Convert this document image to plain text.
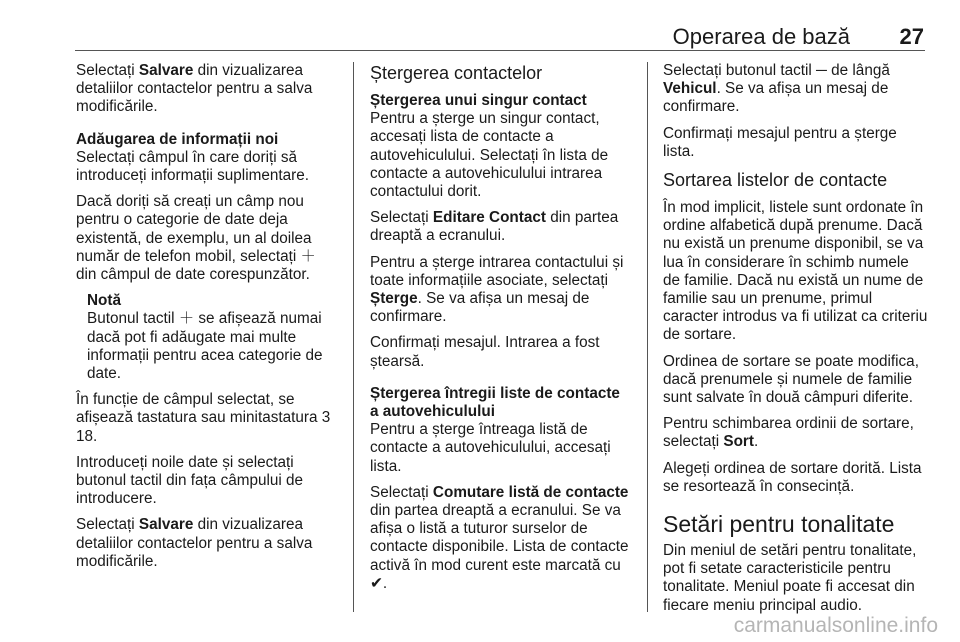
Operarea de bază 27

Selectați Salvare din vizualizarea detaliilor contactelor pentru a salva modificările.

Adăugarea de informații noi

Selectați câmpul în care doriți să introduceți informații suplimentare.

Dacă doriți să creați un câmp nou pentru o categorie de date deja existentă, de exemplu, un al doilea număr de telefon mobil, selectați ＋ din câmpul de date corespunzător.

Notă
Butonul tactil ＋ se afișează numai dacă pot fi adăugate mai multe informații pentru acea categorie de date.

În funcție de câmpul selectat, se afișează tastatura sau minitastatura 3 18.

Introduceți noile date și selectați butonul tactil din fața câmpului de introducere.

Selectați Salvare din vizualizarea detaliilor contactelor pentru a salva modificările.

Ștergerea contactelor

Ștergerea unui singur contact

Pentru a șterge un singur contact, accesați lista de contacte a autovehiculului. Selectați în lista de contacte a autovehiculului intrarea contactului dorit.

Selectați Editare Contact din partea dreaptă a ecranului.

Pentru a șterge intrarea contactului și toate informațiile asociate, selectați Șterge. Se va afișa un mesaj de confirmare.

Confirmați mesajul. Intrarea a fost ștearsă.

Ștergerea întregii liste de contacte a autovehiculului

Pentru a șterge întreaga listă de contacte a autovehiculului, accesați lista.

Selectați Comutare listă de contacte din partea dreaptă a ecranului. Se va afișa o listă a tuturor surselor de contacte disponibile. Lista de contacte activă în mod curent este marcată cu ✔.

Selectați butonul tactil ─ de lângă Vehicul. Se va afișa un mesaj de confirmare.

Confirmați mesajul pentru a șterge lista.

Sortarea listelor de contacte

În mod implicit, listele sunt ordonate în ordine alfabetică după prenume. Dacă nu există un prenume disponibil, se va lua în considerare în schimb numele de familie. Dacă nu există un nume de familie sau un prenume, primul caracter introdus va fi utilizat ca criteriu de sortare.

Ordinea de sortare se poate modifica, dacă prenumele și numele de familie sunt salvate în două câmpuri diferite.

Pentru schimbarea ordinii de sortare, selectați Sort.

Alegeți ordinea de sortare dorită. Lista se resortează în consecință.

Setări pentru tonalitate

Din meniul de setări pentru tonalitate, pot fi setate caracteristicile pentru tonalitate. Meniul poate fi accesat din fiecare meniu principal audio.

carmanualsonline.info
